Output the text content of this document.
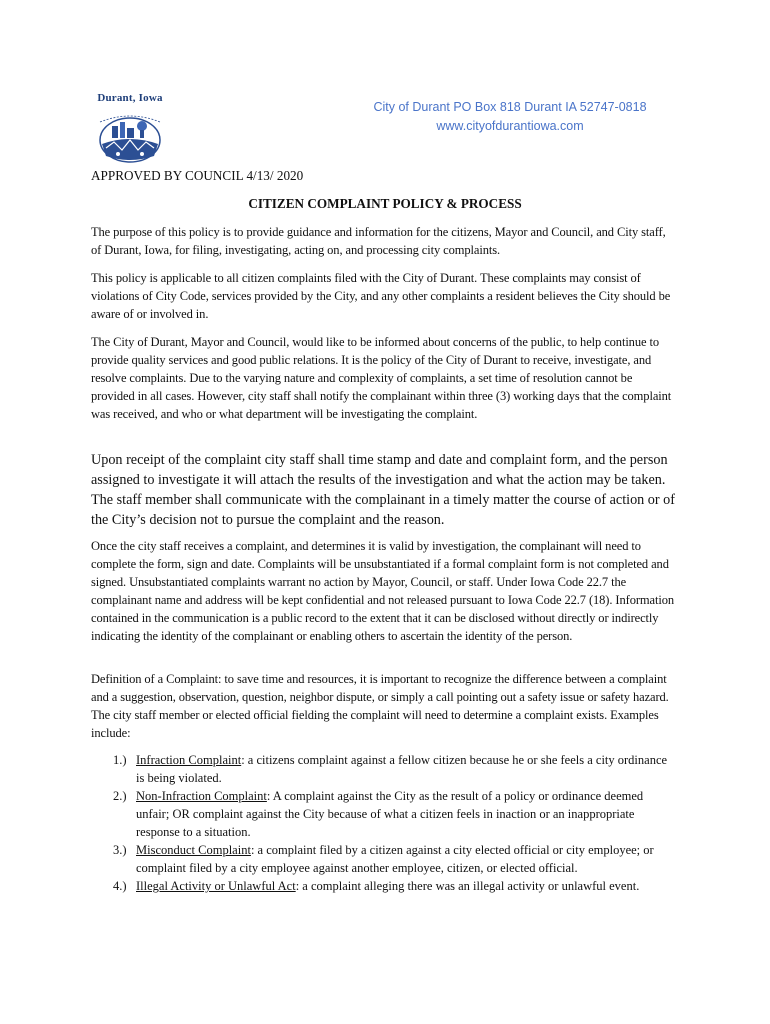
Durant, Iowa
City of Durant PO Box 818 Durant IA 52747-0818
www.cityofdurantiowa.com
APPROVED BY COUNCIL 4/13/ 2020
CITIZEN COMPLAINT POLICY & PROCESS

The purpose of this policy is to provide guidance and information for the citizens, Mayor and Council, and City staff, of Durant, Iowa, for filing, investigating, acting on, and processing city complaints.

This policy is applicable to all citizen complaints filed with the City of Durant. These complaints may consist of violations of City Code, services provided by the City, and any other complaints a resident believes the City should be aware of or involved in.

The City of Durant, Mayor and Council, would like to be informed about concerns of the public, to help continue to provide quality services and good public relations. It is the policy of the City of Durant to receive, investigate, and resolve complaints. Due to the varying nature and complexity of complaints, a set time of resolution cannot be provided in all cases. However, city staff shall notify the complainant within three (3) working days that the complaint was received, and who or what department will be investigating the complaint.

Upon receipt of the complaint city staff shall time stamp and date and complaint form, and the person assigned to investigate it will attach the results of the investigation and what the action may be taken. The staff member shall communicate with the complainant in a timely matter the course of action or of the City’s decision not to pursue the complaint and the reason.

Once the city staff receives a complaint, and determines it is valid by investigation, the complainant will need to complete the form, sign and date. Complaints will be unsubstantiated if a formal complaint form is not completed and signed. Unsubstantiated complaints warrant no action by Mayor, Council, or staff. Under Iowa Code 22.7 the complainant name and address will be kept confidential and not released pursuant to Iowa Code 22.7 (18). Information contained in the communication is a public record to the extent that it can be disclosed without directly or indirectly indicating the identity of the complainant or enabling others to ascertain the identity of the person.

Definition of a Complaint: to save time and resources, it is important to recognize the difference between a complaint and a suggestion, observation, question, neighbor dispute, or simply a call pointing out a safety issue or safety hazard. The city staff member or elected official fielding the complaint will need to determine a complaint exists. Examples include:

1.) Infraction Complaint: a citizens complaint against a fellow citizen because he or she feels a city ordinance is being violated.
2.) Non-Infraction Complaint: A complaint against the City as the result of a policy or ordinance deemed unfair; OR complaint against the City because of what a citizen feels in inaction or an inappropriate response to a situation.
3.) Misconduct Complaint: a complaint filed by a citizen against a city elected official or city employee; or complaint filed by a city employee against another employee, citizen, or elected official.
4.) Illegal Activity or Unlawful Act: a complaint alleging there was an illegal activity or unlawful event.
